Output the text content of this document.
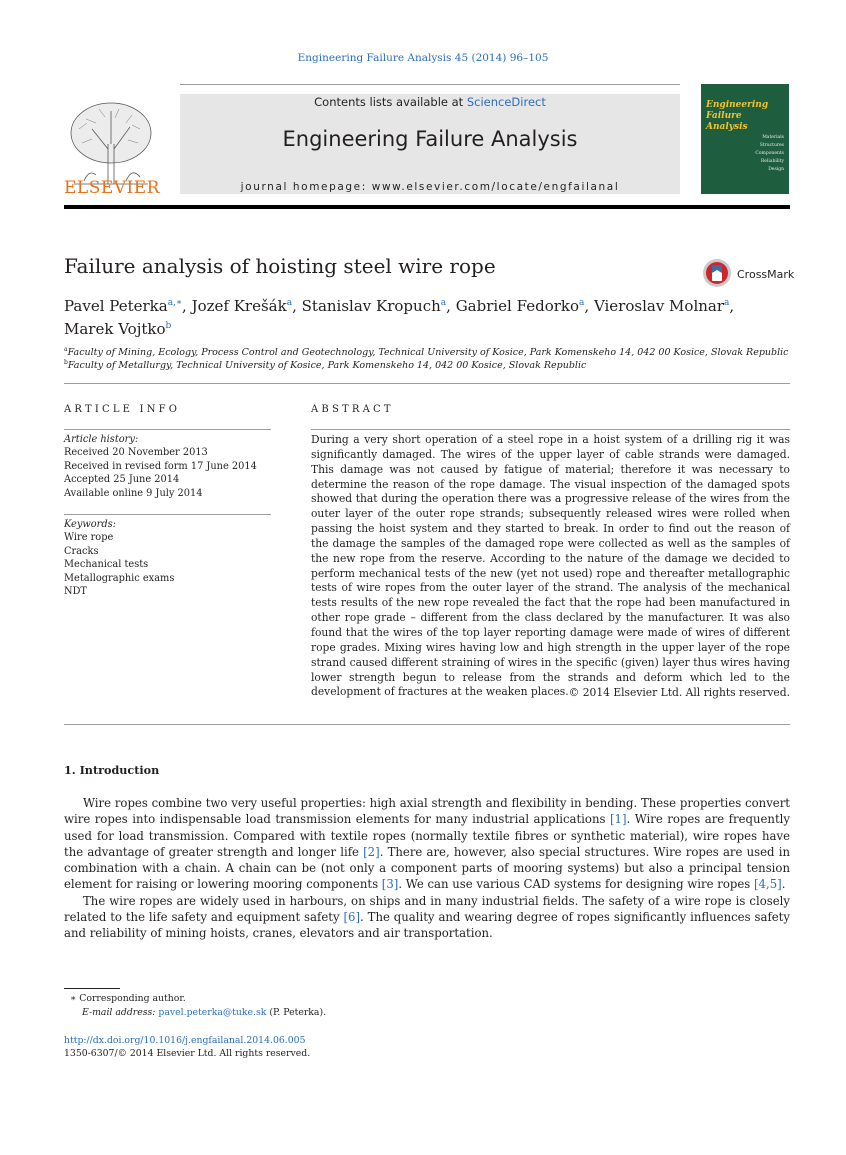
Engineering Failure Analysis 45 (2014) 96–105
ELSEVIER
Contents lists available at ScienceDirect
Engineering Failure Analysis
journal homepage: www.elsevier.com/locate/engfailanal
Engineering
Failure
Analysis
Materials
Structures
Components
Reliability
Design
Failure analysis of hoisting steel wire rope	CrossMark
Pavel Peterka$^{a,∗}$, Jozef Krešák$^a$, Stanislav Kropuch$^a$, Gabriel Fedorko$^a$, Vieroslav Molnar$^a$,
Marek Vojtko$^b$
$^a$Faculty of Mining, Ecology, Process Control and Geotechnology, Technical University of Kosice, Park Komenskeho 14, 042 00 Kosice, Slovak Republic
$^b$Faculty of Metallurgy, Technical University of Kosice, Park Komenskeho 14, 042 00 Kosice, Slovak Republic
ARTICLE INFO
Article history:
Received 20 November 2013
Received in revised form 17 June 2014
Accepted 25 June 2014
Available online 9 July 2014
Keywords:
Wire rope
Cracks
Mechanical tests
Metallographic exams
NDT
ABSTRACT
During a very short operation of a steel rope in a hoist system of a drilling rig it was significantly damaged. The wires of the upper layer of cable strands were damaged. This damage was not caused by fatigue of material; therefore it was necessary to determine the reason of the rope damage. The visual inspection of the damaged spots showed that during the operation there was a progressive release of the wires from the outer layer of the outer rope strands; subsequently released wires were rolled when passing the hoist system and they started to break. In order to find out the reason of the damage the samples of the damaged rope were collected as well as the samples of the new rope from the reserve. According to the nature of the damage we decided to perform mechanical tests of the new (yet not used) rope and thereafter metallographic tests of wire ropes from the outer layer of the strand. The analysis of the mechanical tests results of the new rope revealed the fact that the rope had been manufactured in other rope grade – different from the class declared by the manufacturer. It was also found that the wires of the top layer reporting damage were made of wires of different rope grades. Mixing wires having low and high strength in the upper layer of the rope strand caused different straining of wires in the specific (given) layer thus wires having lower strength begun to release from the strands and deform which led to the development of fractures at the weaken places. © 2014 Elsevier Ltd. All rights reserved.
1. Introduction

Wire ropes combine two very useful properties: high axial strength and flexibility in bending. These properties convert wire ropes into indispensable load transmission elements for many industrial applications [1]. Wire ropes are frequently used for load transmission. Compared with textile ropes (normally textile fibres or synthetic material), wire ropes have the advantage of greater strength and longer life [2]. There are, however, also special structures. Wire ropes are used in combination with a chain. A chain can be (not only a component parts of mooring systems) but also a principal tension element for raising or lowering mooring components [3]. We can use various CAD systems for designing wire ropes [4,5].

The wire ropes are widely used in harbours, on ships and in many industrial fields. The safety of a wire rope is closely related to the life safety and equipment safety [6]. The quality and wearing degree of ropes significantly influences safety and reliability of mining hoists, cranes, elevators and air transportation.

∗ Corresponding author.
E-mail address: pavel.peterka@tuke.sk (P. Peterka).
http://dx.doi.org/10.1016/j.engfailanal.2014.06.005
1350-6307/© 2014 Elsevier Ltd. All rights reserved.
